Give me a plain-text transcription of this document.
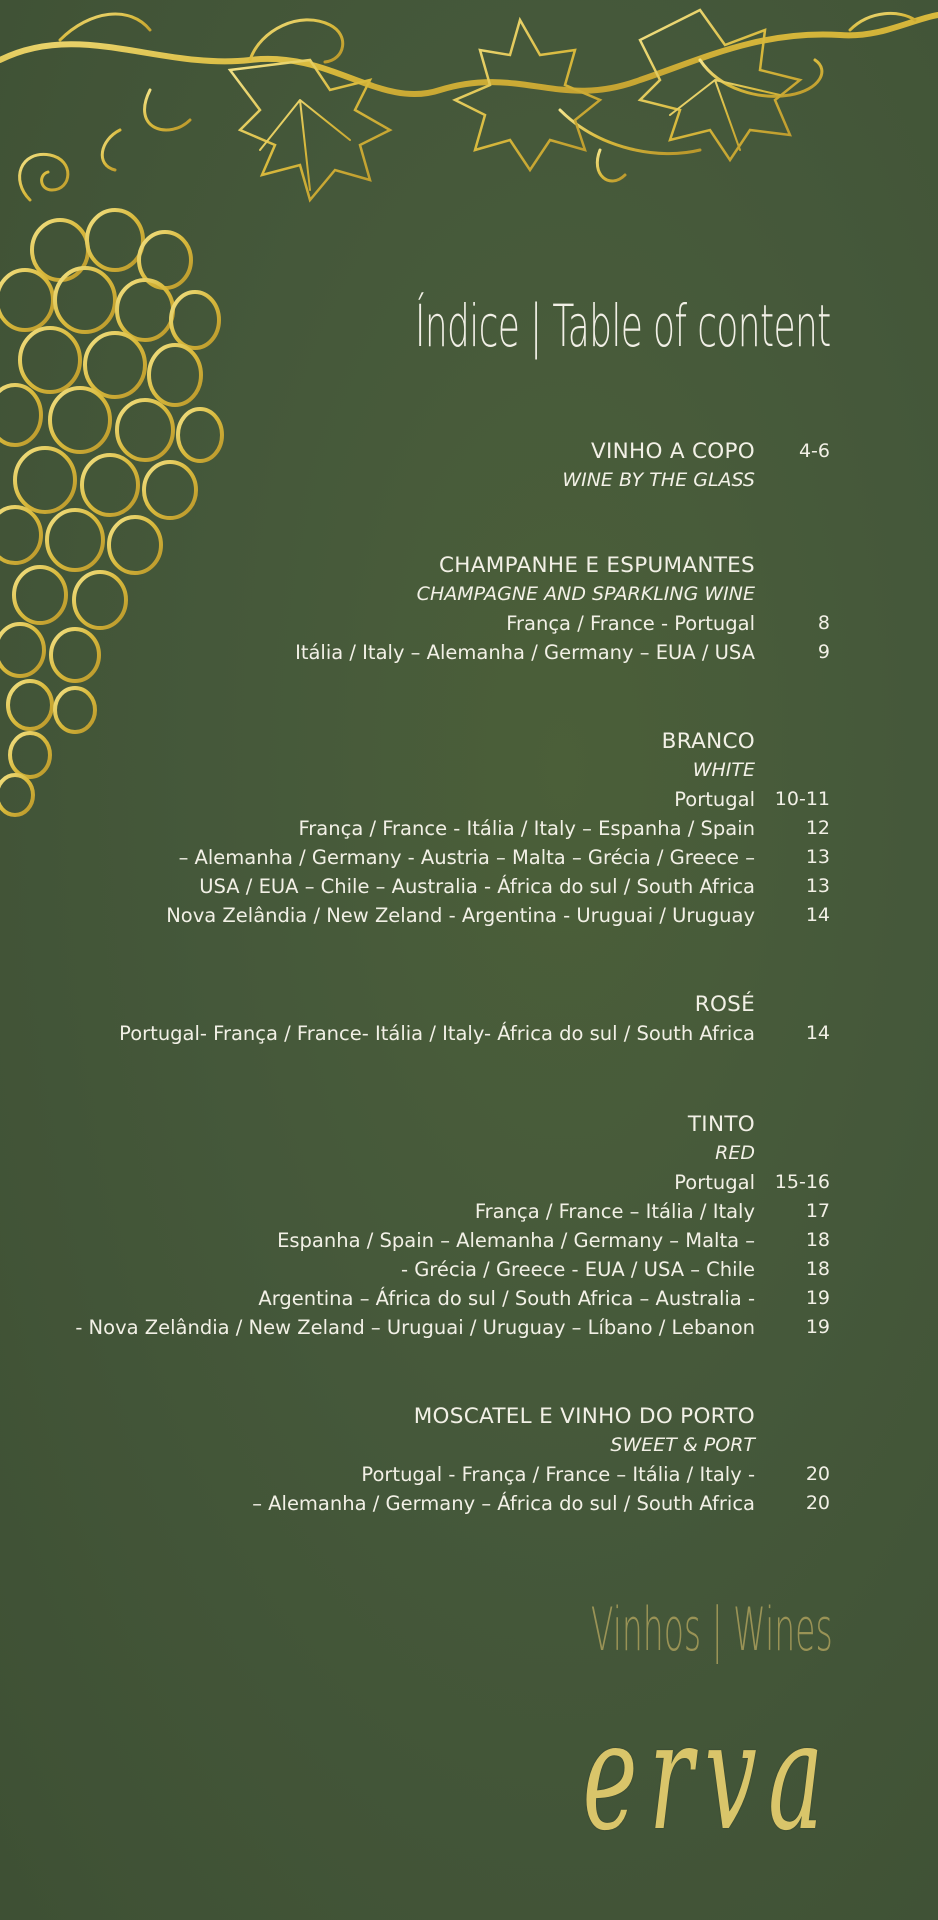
Índice | Table of content
VINHO A COPO 4-6
WINE BY THE GLASS
CHAMPANHE E ESPUMANTES
CHAMPAGNE AND SPARKLING WINE
França / France - Portugal	8
Itália / Italy – Alemanha / Germany – EUA / USA	9
BRANCO
WHITE
Portugal 10-11
França / France - Itália / Italy – Espanha / Spain	12
– Alemanha / Germany - Austria – Malta – Grécia / Greece –	13
USA / EUA – Chile – Australia - África do sul / South Africa	13
Nova Zelândia / New Zeland - Argentina - Uruguai / Uruguay	14
ROSÉ
Portugal- França / France- Itália / Italy- África do sul / South Africa	14
TINTO
RED
Portugal 15-16
França / France – Itália / Italy	17
Espanha / Spain – Alemanha / Germany – Malta –	18
- Grécia / Greece - EUA / USA – Chile	18
Argentina – África do sul / South Africa – Australia -	19
- Nova Zelândia / New Zeland – Uruguai / Uruguay – Líbano / Lebanon	19
MOSCATEL E VINHO DO PORTO
SWEET & PORT
Portugal - França / France – Itália / Italy -	20
– Alemanha / Germany – África do sul / South Africa	20
Vinhos | Wines
erva
